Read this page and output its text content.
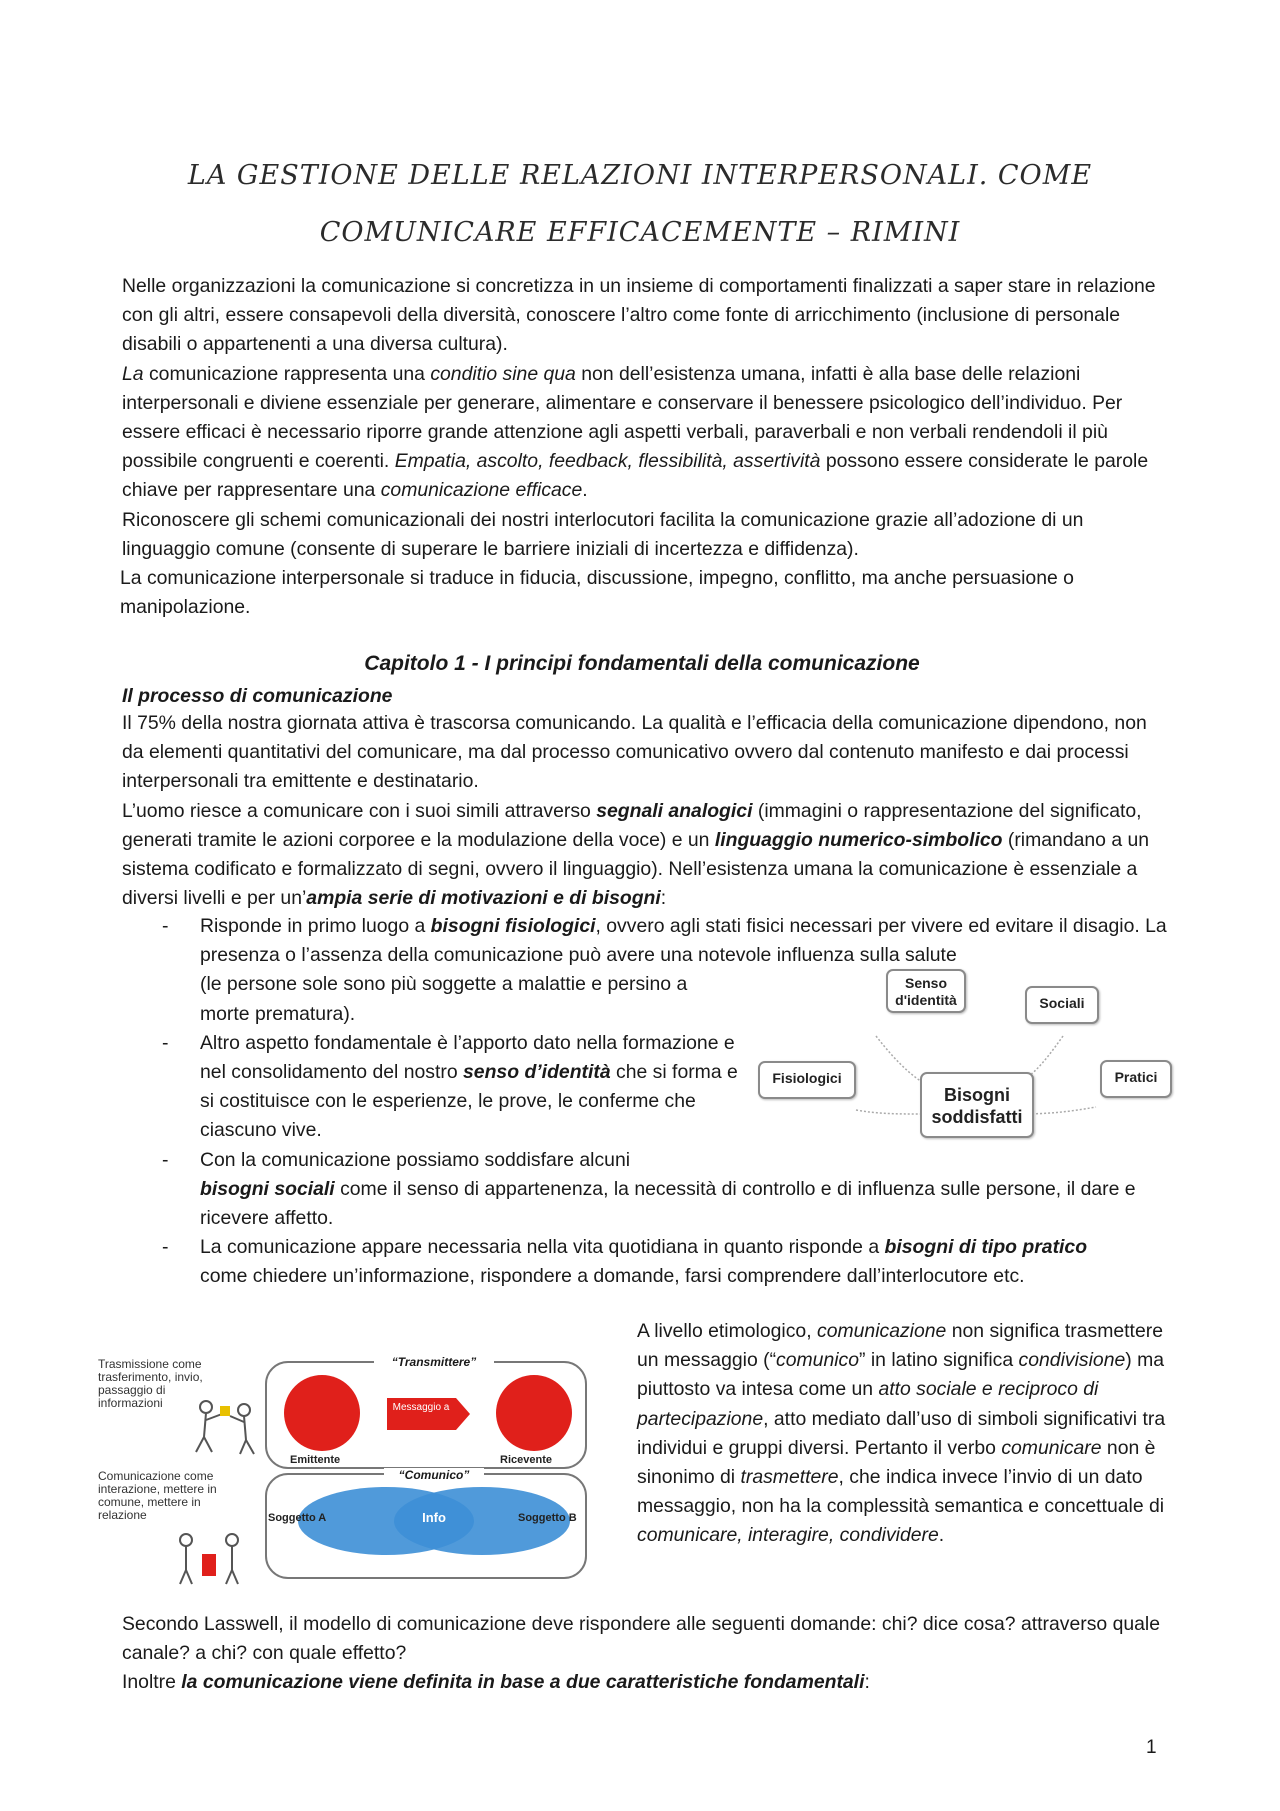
LA GESTIONE DELLE RELAZIONI INTERPERSONALI. COME
COMUNICARE EFFICACEMENTE – RIMINI

Nelle organizzazioni la comunicazione si concretizza in un insieme di comportamenti finalizzati a saper stare in relazione con gli altri, essere consapevoli della diversità, conoscere l’altro come fonte di arricchimento (inclusione di personale disabili o appartenenti a una diversa cultura).

La comunicazione rappresenta una conditio sine qua non dell’esistenza umana, infatti è alla base delle relazioni interpersonali e diviene essenziale per generare, alimentare e conservare il benessere psicologico dell’individuo. Per essere efficaci è necessario riporre grande attenzione agli aspetti verbali, paraverbali e non verbali rendendoli il più possibile congruenti e coerenti. Empatia, ascolto, feedback, flessibilità, assertività possono essere considerate le parole chiave per rappresentare una comunicazione efficace.

Riconoscere gli schemi comunicazionali dei nostri interlocutori facilita la comunicazione grazie all’adozione di un linguaggio comune (consente di superare le barriere iniziali di incertezza e diffidenza).

La comunicazione interpersonale si traduce in fiducia, discussione, impegno, conflitto, ma anche persuasione o manipolazione.

Capitolo 1 - I principi fondamentali della comunicazione
Il processo di comunicazione

Il 75% della nostra giornata attiva è trascorsa comunicando. La qualità e l’efficacia della comunicazione dipendono, non da elementi quantitativi del comunicare, ma dal processo comunicativo ovvero dal contenuto manifesto e dai processi interpersonali tra emittente e destinatario.

L’uomo riesce a comunicare con i suoi simili attraverso segnali analogici (immagini o rappresentazione del significato, generati tramite le azioni corporee e la modulazione della voce) e un linguaggio numerico-simbolico (rimandano a un sistema codificato e formalizzato di segni, ovvero il linguaggio). Nell’esistenza umana la comunicazione è essenziale a diversi livelli e per un’ampia serie di motivazioni e di bisogni:

- Risponde in primo luogo a bisogni fisiologici, ovvero agli stati fisici necessari per vivere ed evitare il disagio. La presenza o l’assenza della comunicazione può avere una notevole influenza sulla salute
(le persone sole sono più soggette a malattie e persino a morte prematura).
- Altro aspetto fondamentale è l’apporto dato nella formazione e nel consolidamento del nostro senso d’identità che si forma e si costituisce con le esperienze, le prove, le conferme che ciascuno vive.
- Con la comunicazione possiamo soddisfare alcuni
bisogni sociali come il senso di appartenenza, la necessità di controllo e di influenza sulle persone, il dare e ricevere affetto.
- La comunicazione appare necessaria nella vita quotidiana in quanto risponde a bisogni di tipo pratico come chiedere un’informazione, rispondere a domande, farsi comprendere dall’interlocutore etc.
Senso d'identità	Sociali
Fisiologici	Pratici
Bisogni soddisfatti
Trasmissione come trasferimento, invio, passaggio di informazioni
“Transmittere”
Messaggio a
Emittente	Ricevente
Comunicazione come interazione, mettere in comune, mettere in relazione
“Comunico”
Soggetto A	Info	Soggetto B

A livello etimologico, comunicazione non significa trasmettere un messaggio (“comunico” in latino significa condivisione) ma piuttosto va intesa come un atto sociale e reciproco di partecipazione, atto mediato dall’uso di simboli significativi tra individui e gruppi diversi. Pertanto il verbo comunicare non è sinonimo di trasmettere, che indica invece l’invio di un dato messaggio, non ha la complessità semantica e concettuale di comunicare, interagire, condividere.

Secondo Lasswell, il modello di comunicazione deve rispondere alle seguenti domande: chi? dice cosa? attraverso quale canale? a chi? con quale effetto?

Inoltre la comunicazione viene definita in base a due caratteristiche fondamentali:

1
